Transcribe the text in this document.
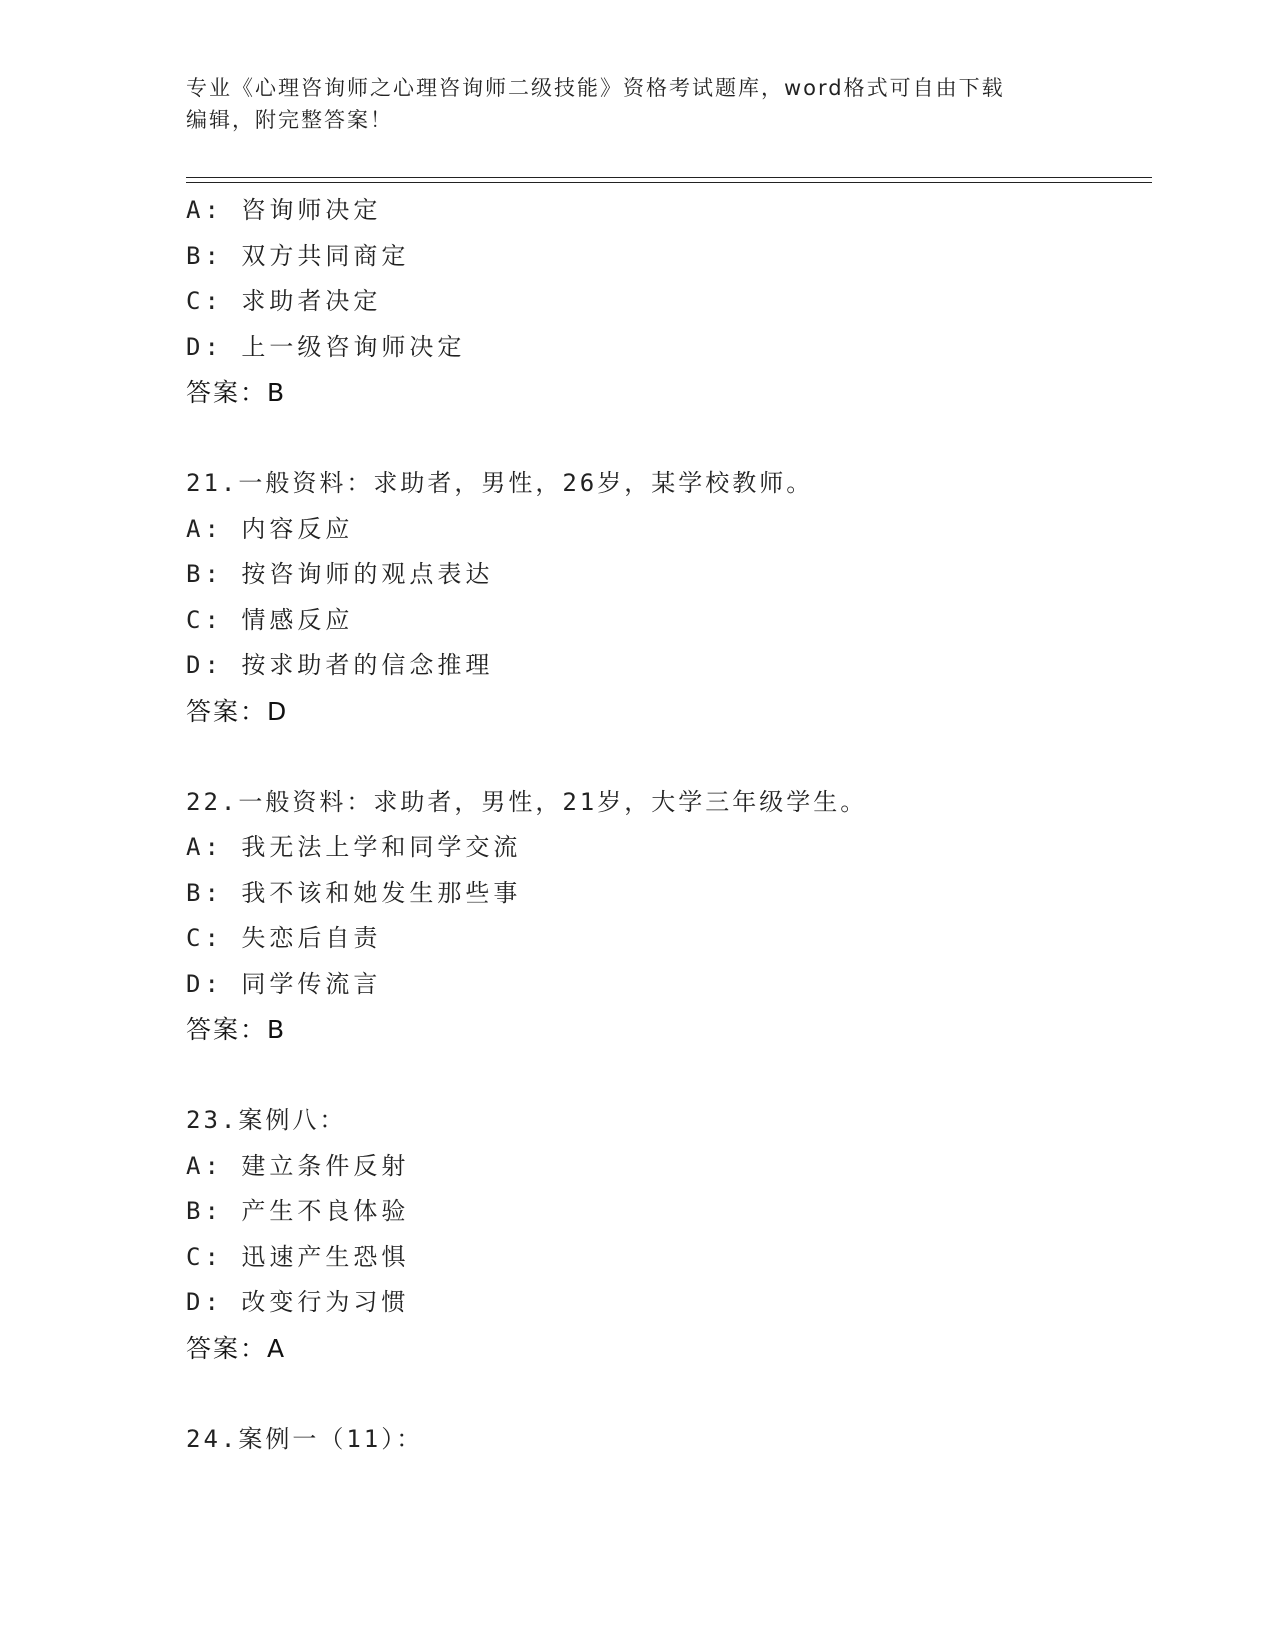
专业《心理咨询师之心理咨询师二级技能》资格考试题库，word格式可自由下载

编辑，附完整答案！

A: 咨询师决定
B: 双方共同商定
C: 求助者决定
D: 上一级咨询师决定
答案：B
21.一般资料：求助者，男性，26岁，某学校教师。
A: 内容反应
B: 按咨询师的观点表达
C: 情感反应
D: 按求助者的信念推理
答案：D
22.一般资料：求助者，男性，21岁，大学三年级学生。
A: 我无法上学和同学交流
B: 我不该和她发生那些事
C: 失恋后自责
D: 同学传流言
答案：B
23.案例八：
A: 建立条件反射
B: 产生不良体验
C: 迅速产生恐惧
D: 改变行为习惯
答案：A
24.案例一（11）：
